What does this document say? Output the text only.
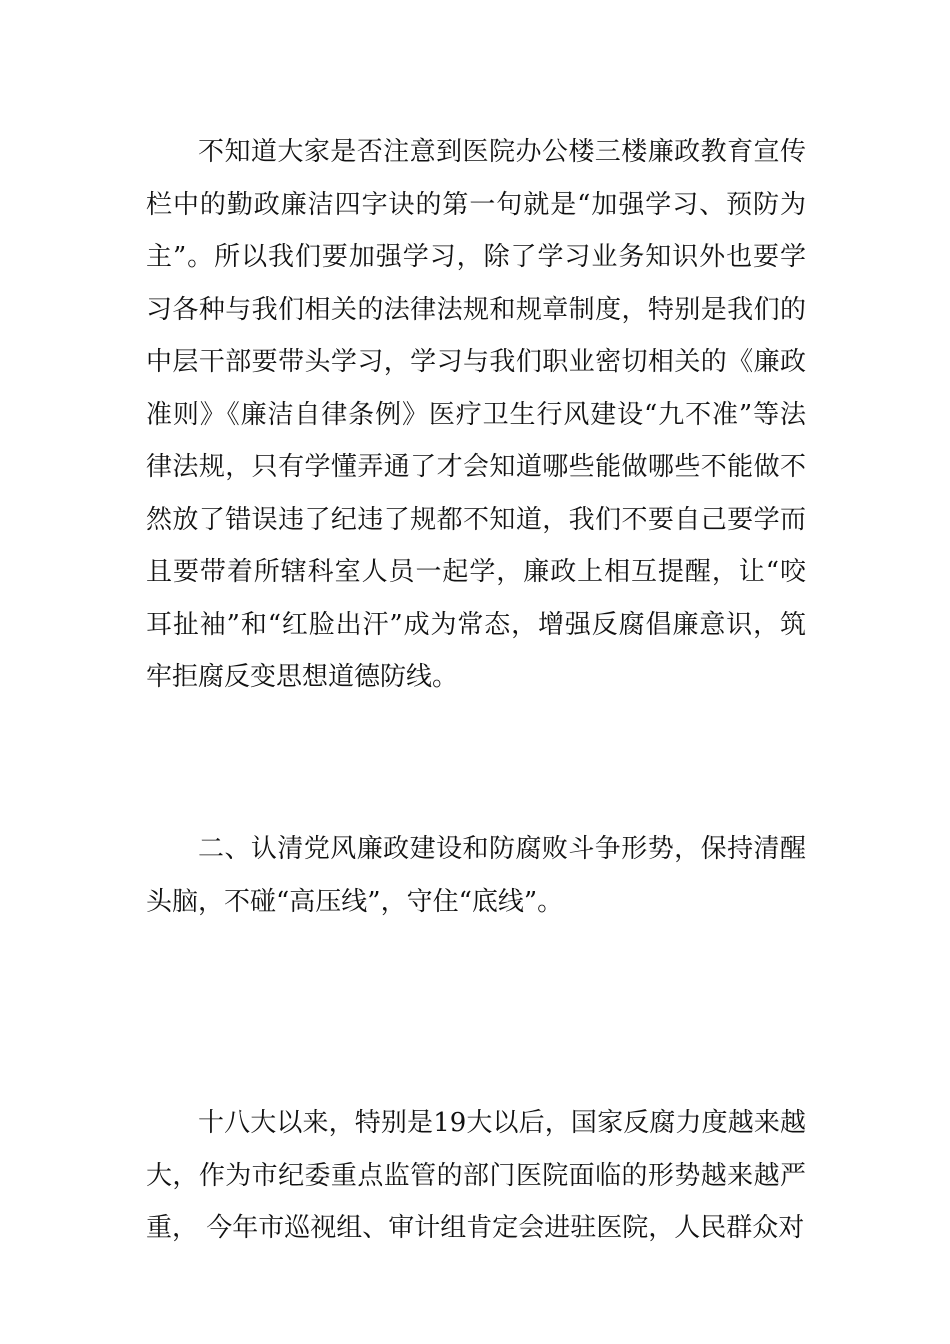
不知道大家是否注意到医院办公楼三楼廉政教育宣传栏中的勤政廉洁四字诀的第一句就是“加强学习、预防为主”。所以我们要加强学习，除了学习业务知识外也要学习各种与我们相关的法律法规和规章制度，特别是我们的中层干部要带头学习，学习与我们职业密切相关的《廉政准则》《廉洁自律条例》医疗卫生行风建设“九不准”等法律法规，只有学懂弄通了才会知道哪些能做哪些不能做不然放了错误违了纪违了规都不知道，我们不要自己要学而且要带着所辖科室人员一起学，廉政上相互提醒，让“咬耳扯袖”和“红脸出汗”成为常态，增强反腐倡廉意识，筑牢拒腐反变思想道德防线。

二、认清党风廉政建设和防腐败斗争形势，保持清醒头脑，不碰“高压线”，守住“底线”。

十八大以来，特别是19大以后，国家反腐力度越来越大，作为市纪委重点监管的部门医院面临的形势越来越严重， 今年市巡视组、审计组肯定会进驻医院，人民群众对
